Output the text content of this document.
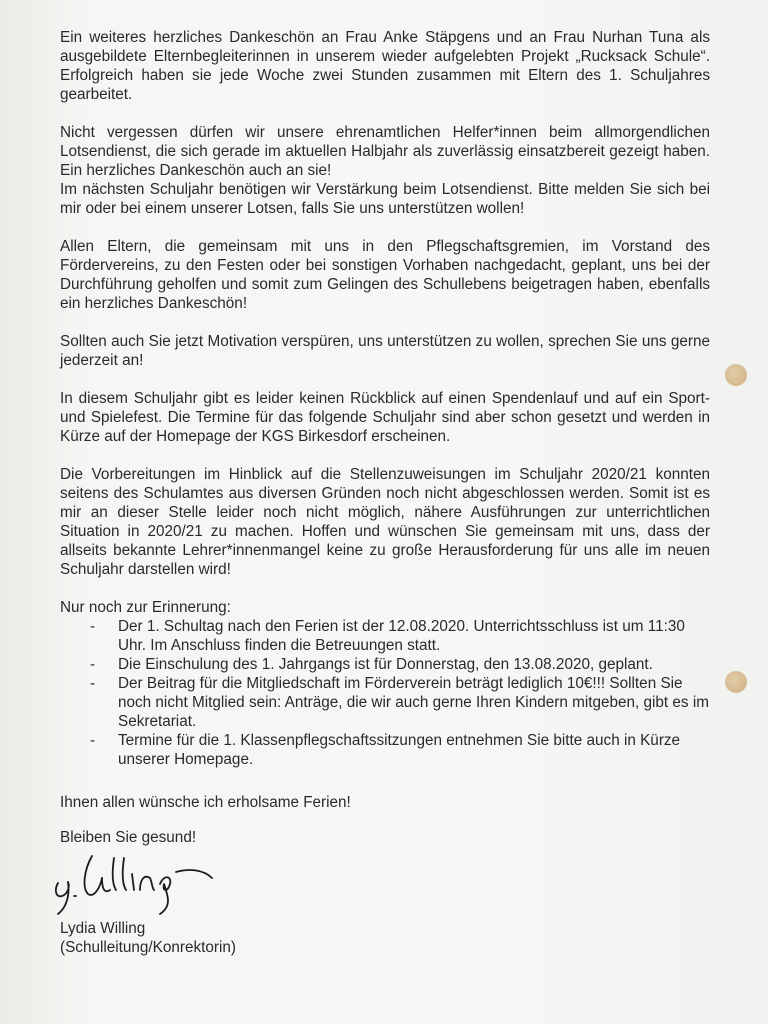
Ein weiteres herzliches Dankeschön an Frau Anke Stäpgens und an Frau Nurhan Tuna als ausgebildete Elternbegleiterinnen in unserem wieder aufgelebten Projekt „Rucksack Schule“. Erfolgreich haben sie jede Woche zwei Stunden zusammen mit Eltern des 1. Schuljahres gearbeitet.

Nicht vergessen dürfen wir unsere ehrenamtlichen Helfer*innen beim allmorgendlichen Lotsendienst, die sich gerade im aktuellen Halbjahr als zuverlässig einsatzbereit gezeigt haben. Ein herzliches Dankeschön auch an sie!

Im nächsten Schuljahr benötigen wir Verstärkung beim Lotsendienst. Bitte melden Sie sich bei mir oder bei einem unserer Lotsen, falls Sie uns unterstützen wollen!

Allen Eltern, die gemeinsam mit uns in den Pflegschaftsgremien, im Vorstand des Fördervereins, zu den Festen oder bei sonstigen Vorhaben nachgedacht, geplant, uns bei der Durchführung geholfen und somit zum Gelingen des Schullebens beigetragen haben, ebenfalls ein herzliches Dankeschön!

Sollten auch Sie jetzt Motivation verspüren, uns unterstützen zu wollen, sprechen Sie uns gerne jederzeit an!

In diesem Schuljahr gibt es leider keinen Rückblick auf einen Spendenlauf und auf ein Sport- und Spielefest. Die Termine für das folgende Schuljahr sind aber schon gesetzt und werden in Kürze auf der Homepage der KGS Birkesdorf erscheinen.

Die Vorbereitungen im Hinblick auf die Stellenzuweisungen im Schuljahr 2020/21 konnten seitens des Schulamtes aus diversen Gründen noch nicht abgeschlossen werden. Somit ist es mir an dieser Stelle leider noch nicht möglich, nähere Ausführungen zur unterrichtlichen Situation in 2020/21 zu machen. Hoffen und wünschen Sie gemeinsam mit uns, dass der allseits bekannte Lehrer*innenmangel keine zu große Herausforderung für uns alle im neuen Schuljahr darstellen wird!

Nur noch zur Erinnerung:

- Der 1. Schultag nach den Ferien ist der 12.08.2020. Unterrichtsschluss ist um 11:30 Uhr. Im Anschluss finden die Betreuungen statt.
- Die Einschulung des 1. Jahrgangs ist für Donnerstag, den 13.08.2020, geplant.
- Der Beitrag für die Mitgliedschaft im Förderverein beträgt lediglich 10€!!! Sollten Sie noch nicht Mitglied sein: Anträge, die wir auch gerne Ihren Kindern mitgeben, gibt es im Sekretariat.
- Termine für die 1. Klassenpflegschaftssitzungen entnehmen Sie bitte auch in Kürze unserer Homepage.
Ihnen allen wünsche ich erholsame Ferien!
Bleiben Sie gesund!
Lydia Willing
(Schulleitung/Konrektorin)
